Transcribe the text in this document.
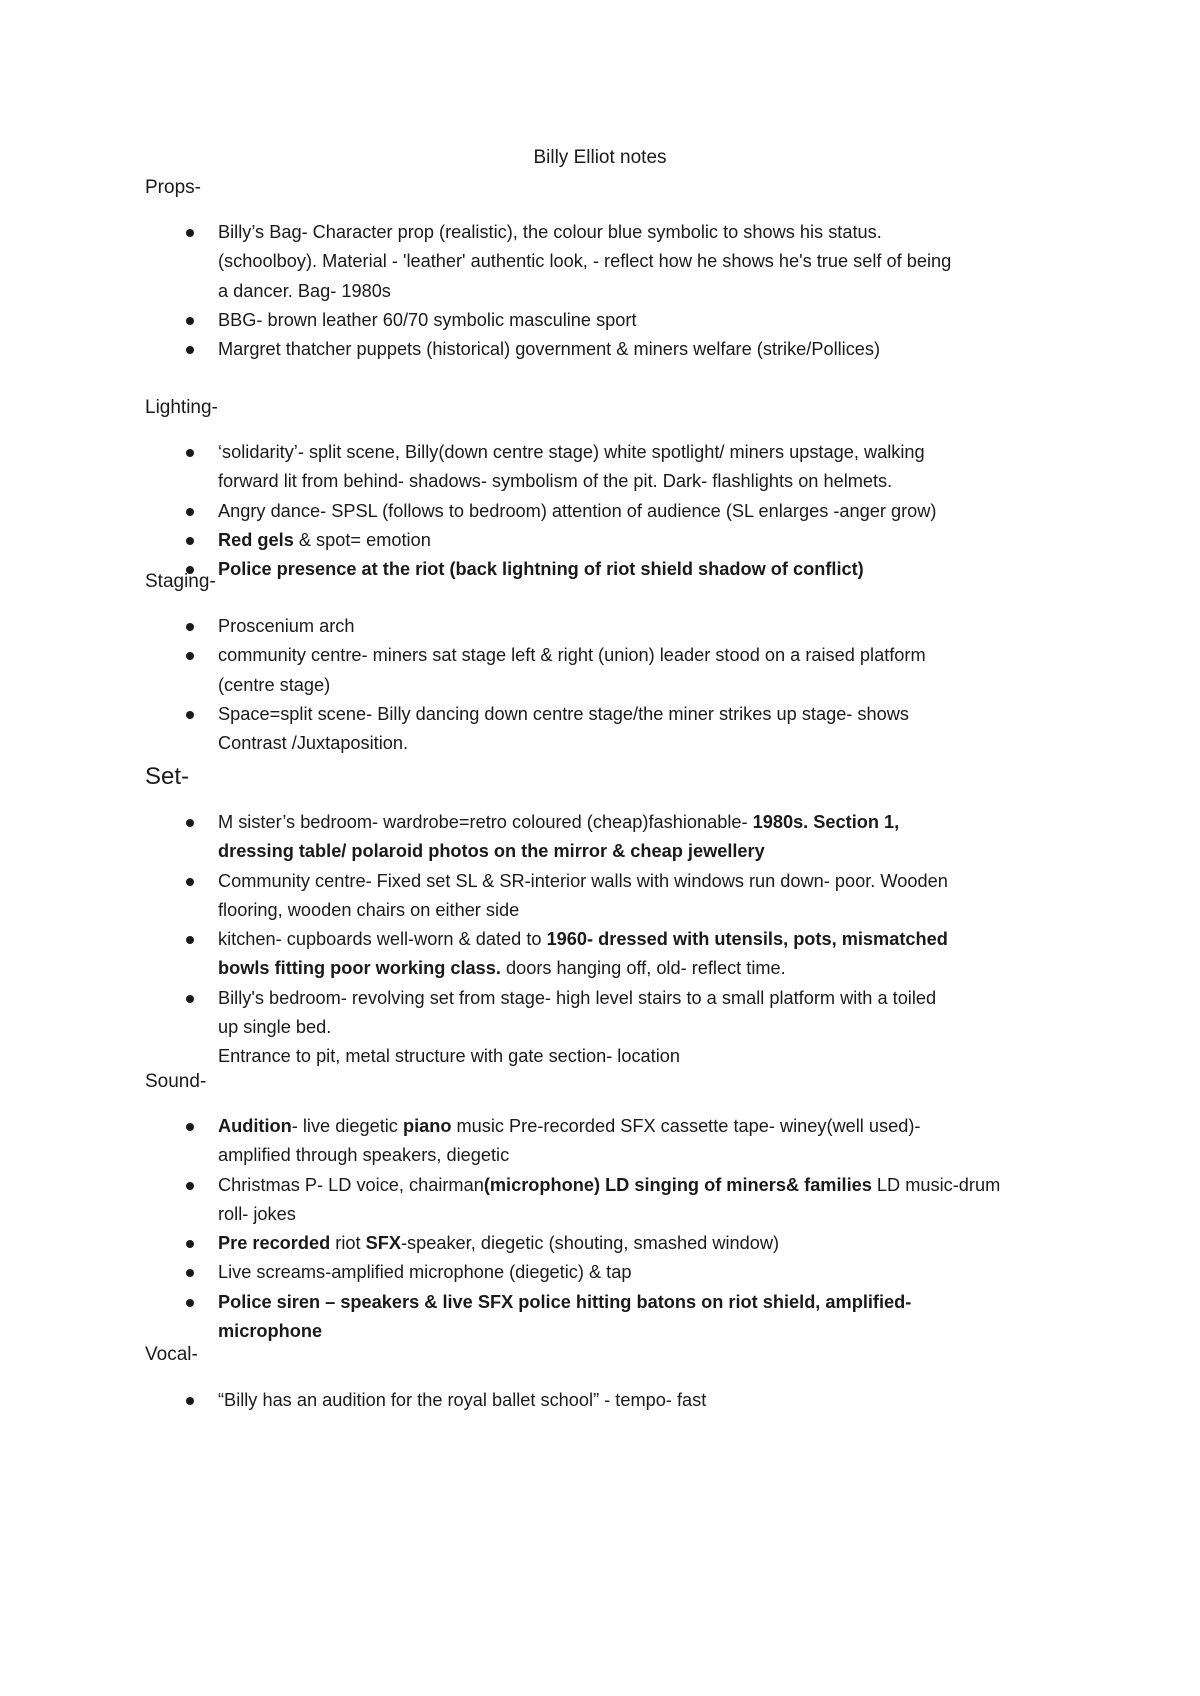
Billy Elliot notes
Props-
Billy’s Bag- Character prop (realistic), the colour blue symbolic to shows his status.
(schoolboy). Material - 'leather' authentic look, - reflect how he shows he's true self of being
a dancer. Bag- 1980s
BBG- brown leather 60/70 symbolic masculine sport
Margret thatcher puppets (historical) government & miners welfare (strike/Pollices)
Lighting-
‘solidarity’- split scene, Billy(down centre stage) white spotlight/ miners upstage, walking
forward lit from behind- shadows- symbolism of the pit. Dark- flashlights on helmets.
Angry dance- SPSL (follows to bedroom) attention of audience (SL enlarges -anger grow)
Red gels & spot= emotion
Police presence at the riot (back lightning of riot shield shadow of conflict)
Staging-
Proscenium arch
community centre- miners sat stage left & right (union) leader stood on a raised platform
(centre stage)
Space=split scene- Billy dancing down centre stage/the miner strikes up stage- shows
Contrast /Juxtaposition.
Set-
M sister’s bedroom- wardrobe=retro coloured (cheap)fashionable- 1980s. Section 1,
dressing table/ polaroid photos on the mirror & cheap jewellery
Community centre- Fixed set SL & SR-interior walls with windows run down- poor. Wooden
flooring, wooden chairs on either side
kitchen- cupboards well-worn & dated to 1960- dressed with utensils, pots, mismatched
bowls fitting poor working class. doors hanging off, old- reflect time.
Billy's bedroom- revolving set from stage- high level stairs to a small platform with a toiled
up single bed.
Entrance to pit, metal structure with gate section- location
Sound-
Audition- live diegetic piano music Pre-recorded SFX cassette tape- winey(well used)-
amplified through speakers, diegetic
Christmas P- LD voice, chairman(microphone) LD singing of miners& families LD music-drum
roll- jokes
Pre recorded riot SFX-speaker, diegetic (shouting, smashed window)
Live screams-amplified microphone (diegetic) & tap
Police siren – speakers & live SFX police hitting batons on riot shield, amplified-
microphone
Vocal-
“Billy has an audition for the royal ballet school” - tempo- fast
